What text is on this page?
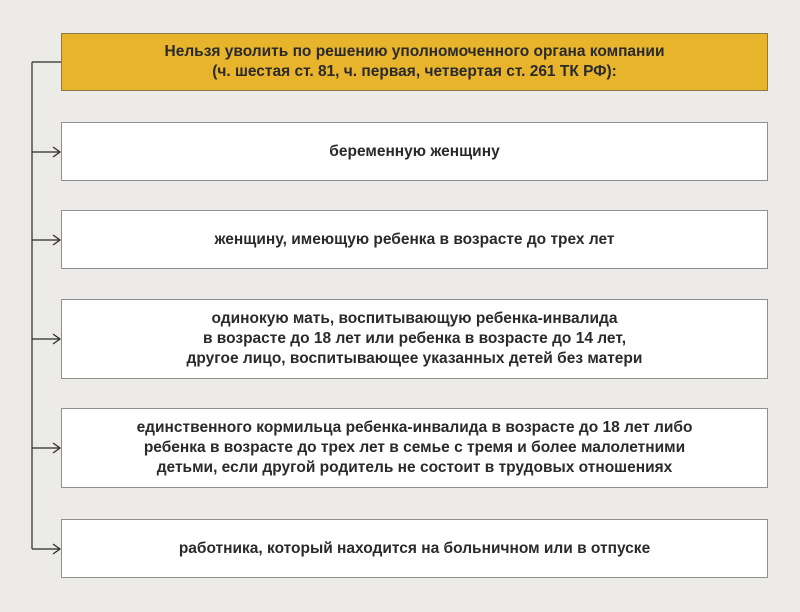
Нельзя уволить по решению уполномоченного органа компании
(ч. шестая ст. 81, ч. первая, четвертая ст. 261 ТК РФ):
беременную женщину
женщину, имеющую ребенка в возрасте до трех лет
одинокую мать, воспитывающую ребенка-инвалида
в возрасте до 18 лет или ребенка в возрасте до 14 лет,
другое лицо, воспитывающее указанных детей без матери
единственного кормильца ребенка-инвалида в возрасте до 18 лет либо
ребенка в возрасте до трех лет в семье с тремя и более малолетними
детьми, если другой родитель не состоит в трудовых отношениях
работника, который находится на больничном или в отпуске
